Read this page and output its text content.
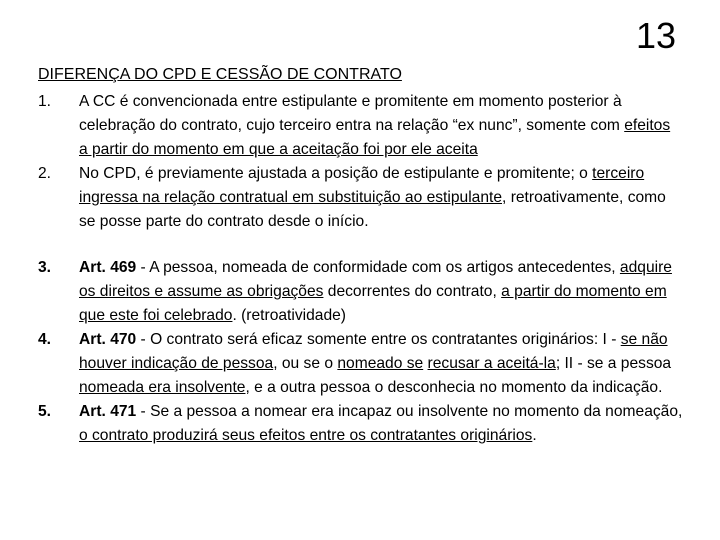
13
DIFERENÇA DO CPD E CESSÃO DE CONTRATO
1.	A CC é convencionada entre estipulante e promitente em momento posterior à celebração do contrato, cujo terceiro entra na relação “ex nunc”, somente com efeitos a partir do momento em que a aceitação foi por ele aceita
2.	No CPD, é previamente ajustada a posição de estipulante e promitente; o terceiro ingressa na relação contratual em substituição ao estipulante, retroativamente, como se posse parte do contrato desde o início.
3.	Art. 469 - A pessoa, nomeada de conformidade com os artigos antecedentes, adquire os direitos e assume as obrigações decorrentes do contrato, a partir do momento em que este foi celebrado. (retroatividade)
4.	Art. 470 - O contrato será eficaz somente entre os contratantes originários: I - se não houver indicação de pessoa, ou se o nomeado se recusar a aceitá-la; II - se a pessoa nomeada era insolvente, e a outra pessoa o desconhecia no momento da indicação.
5.	Art. 471 - Se a pessoa a nomear era incapaz ou insolvente no momento da nomeação, o contrato produzirá seus efeitos entre os contratantes originários.
